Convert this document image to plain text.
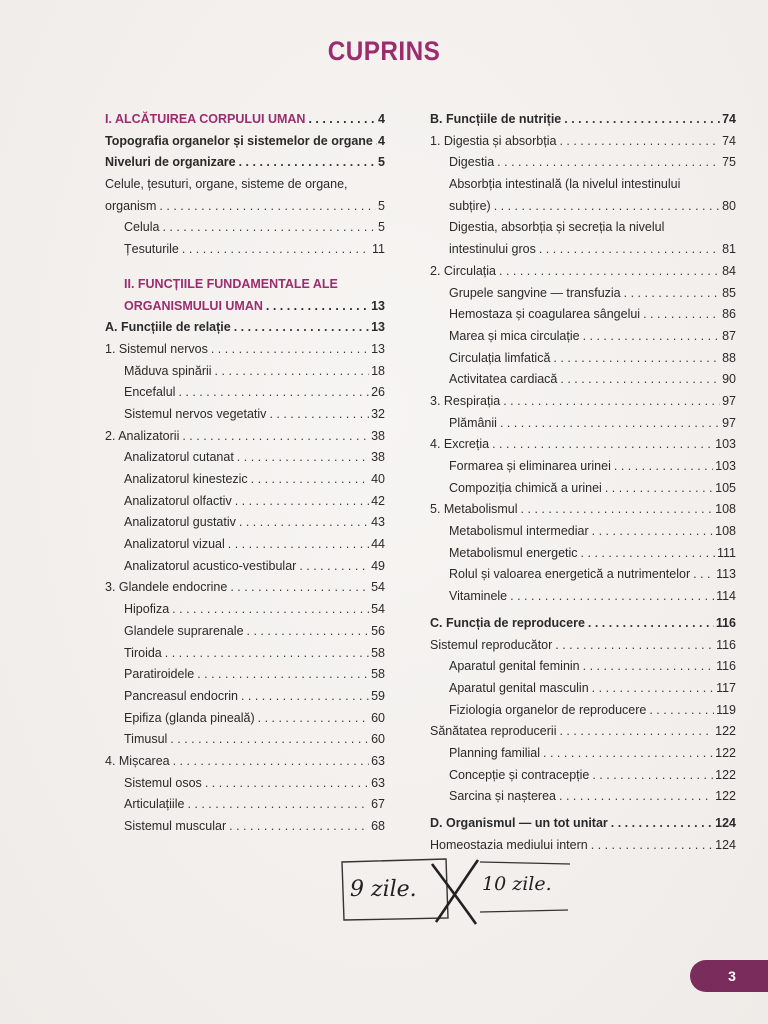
CUPRINS
I. ALCĂTUIREA CORPULUI UMAN . . .	4
Topografia organelor și sistemelor de organe . . . 4
Niveluri de organizare . . .	5
Celule, țesuturi, organe, sisteme de organe,
organism . . .	5
Celula . . .	5
Țesuturile . . .	11
II. FUNCȚIILE FUNDAMENTALE ALE
ORGANISMULUI UMAN . . .	13
A. Funcțiile de relație . . .	13
1. Sistemul nervos . . .	13
Măduva spinării . . .	18
Encefalul . . .	26
Sistemul nervos vegetativ . . .	32
2. Analizatorii . . .	38
Analizatorul cutanat . . .	38
Analizatorul kinestezic . . .	40
Analizatorul olfactiv . . .	42
Analizatorul gustativ . . .	43
Analizatorul vizual . . .	44
Analizatorul acustico-vestibular . . .	49
3. Glandele endocrine . . .	54
Hipofiza . . .	54
Glandele suprarenale . . .	56
Tiroida . . .	58
Paratiroidele . . .	58
Pancreasul endocrin . . .	59
Epifiza (glanda pineală) . . .	60
Timusul . . .	60
4. Mișcarea . . .	63
Sistemul osos . . .	63
Articulațiile . . .	67
Sistemul muscular . . .	68
B. Funcțiile de nutriție . . .	74
1. Digestia și absorbția . . .	74
Digestia . . .	75
Absorbția intestinală (la nivelul intestinului
subțire) . . .	80
Digestia, absorbția și secreția la nivelul
intestinului gros . . .	81
2. Circulația . . .	84
Grupele sangvine — transfuzia . . .	85
Hemostaza și coagularea sângelui . . .	86
Marea și mica circulație . . .	87
Circulația limfatică . . .	88
Activitatea cardiacă . . .	90
3. Respirația . . .	97
Plămânii . . .	97
4. Excreția . . .	103
Formarea și eliminarea urinei . . .	103
Compoziția chimică a urinei . . .	105
5. Metabolismul . . .	108
Metabolismul intermediar . . .	108
Metabolismul energetic . . .	111
Rolul și valoarea energetică a nutrimentelor . . . 113
Vitaminele . . .	114
C. Funcția de reproducere . . .	116
Sistemul reproducător . . .	116
Aparatul genital feminin . . .	116
Aparatul genital masculin . . .	117
Fiziologia organelor de reproducere . . .	119
Sănătatea reproducerii . . .	122
Planning familial . . .	122
Concepție și contracepție . . .	122
Sarcina și nașterea . . .	122
D. Organismul — un tot unitar . . .	124
Homeostazia mediului intern . . .	124
9 zile.	10 zile.
3
